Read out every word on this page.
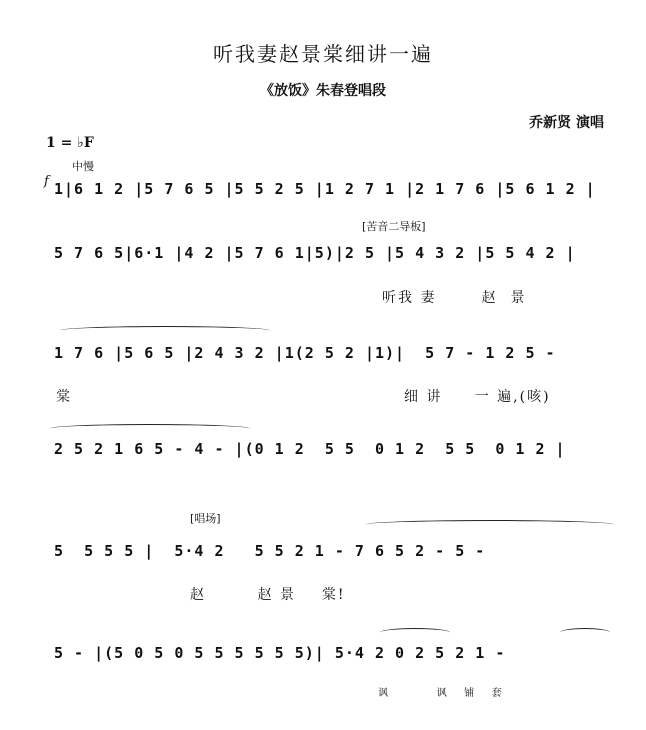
听我妻赵景棠细讲一遍
《放饭》朱春登唱段
乔新贤 演唱
1 = ♭F
中慢
f 1|6 1 2 |5 7 6 5 |5 5 2 5 |1 2 7 1 |2 1 7 6 |5 6 1 2 |
[苦音二导板]
5 7 6 5|6·1 |4 2 |5 7 6 1|5)|2 5 |5 4 3 2 |5 5 4 2 |
听我 妻       赵  景
1 7 6 |5 6 5 |2 4 3 2 |1(2 5 2 |1)|  5 7 - 1 2 5 -
棠	细 讲     一 遍,(咳)
2 5 2 1 6 5 - 4 - |(0 1 2  5 5  0 1 2  5 5  0 1 2 |
[唱场]
5  5 5 5 |  5·4 2   5 5 2 1 - 7 6 5 2 - 5 -
赵        赵 景    棠!
5 - |(5 0 5 0 5 5 5 5 5 5)| 5·4 2 0 2 5 2 1 -
讽         讽   铺   套
